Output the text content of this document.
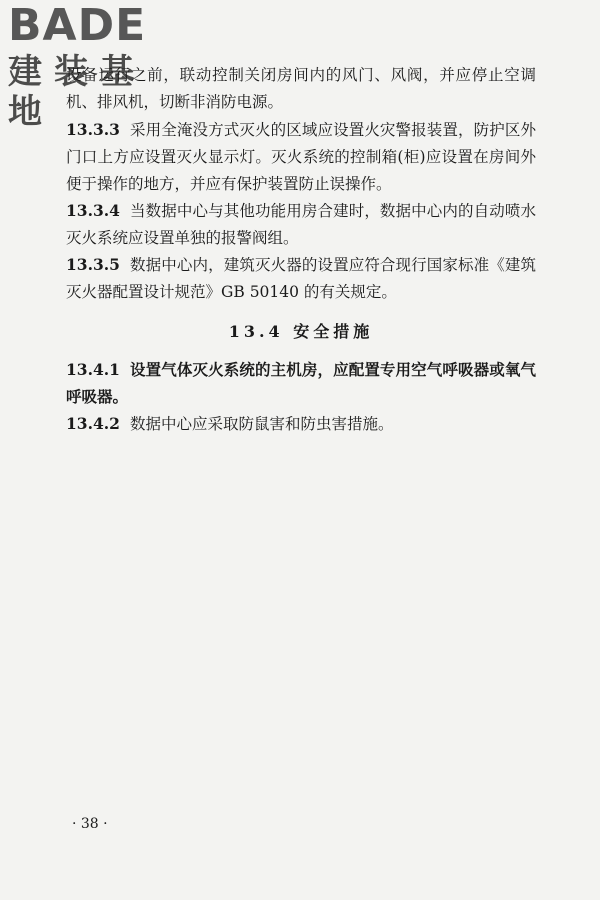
BADE
建装基地
设备运行之前，联动控制关闭房间内的风门、风阀，并应停止空调机、排风机，切断非消防电源。
13.3.3 采用全淹没方式灭火的区域应设置火灾警报装置，防护区外门口上方应设置灭火显示灯。灭火系统的控制箱(柜)应设置在房间外便于操作的地方，并应有保护装置防止误操作。
13.3.4 当数据中心与其他功能用房合建时，数据中心内的自动喷水灭火系统应设置单独的报警阀组。
13.3.5 数据中心内，建筑灭火器的设置应符合现行国家标准《建筑灭火器配置设计规范》GB 50140 的有关规定。
13.4 安全措施
13.4.1 设置气体灭火系统的主机房，应配置专用空气呼吸器或氧气呼吸器。
13.4.2 数据中心应采取防鼠害和防虫害措施。
· 38 ·
